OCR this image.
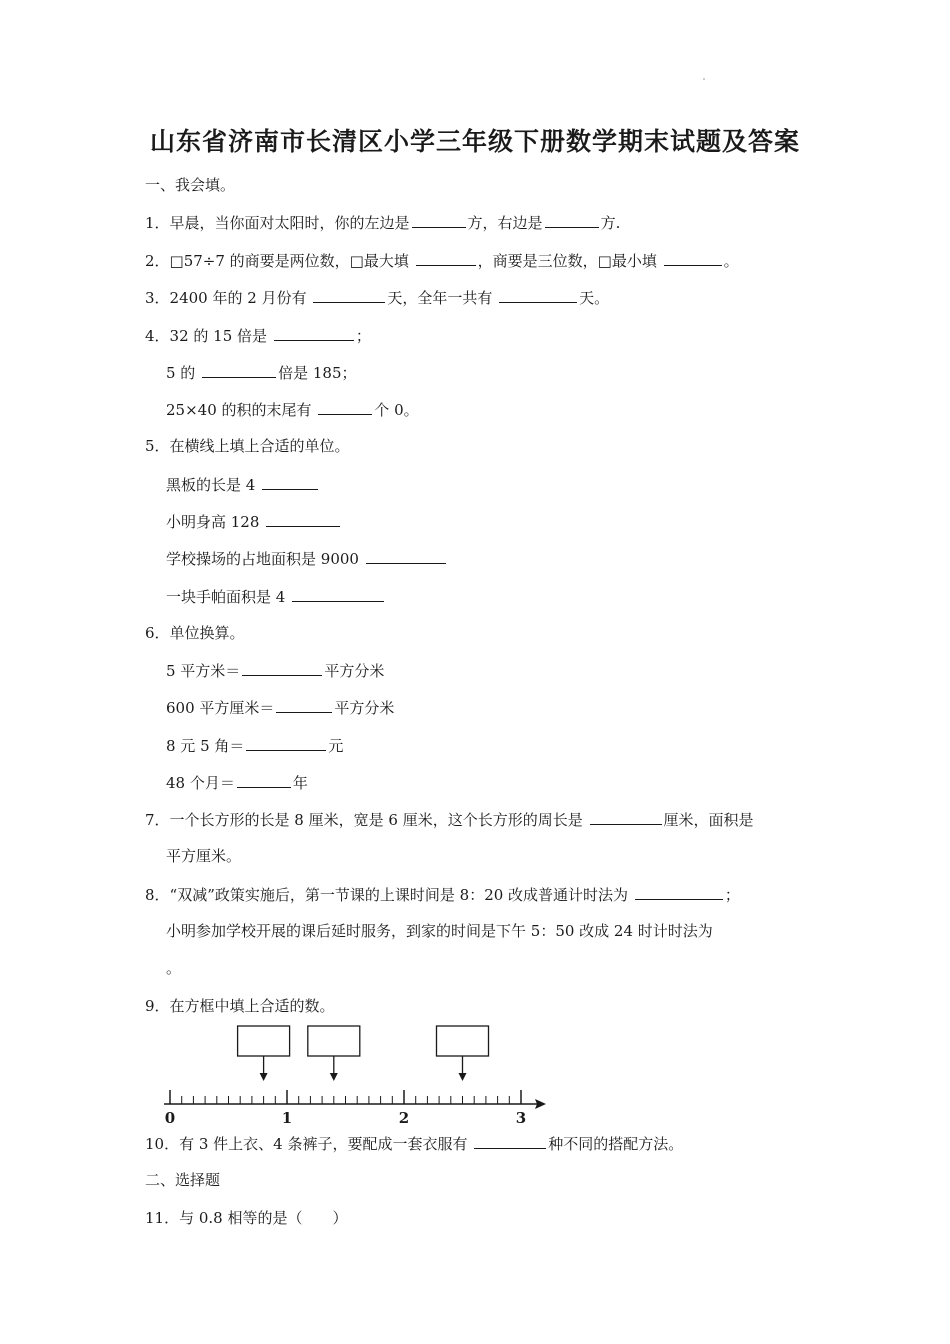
山东省济南市长清区小学三年级下册数学期末试题及答案
一、我会填。
1．早晨，当你面对太阳时，你的左边是	方，右边是	方.
2．□57÷7 的商要是两位数，□最大填	，商要是三位数，□最小填	。
3．2400 年的 2 月份有	天，全年一共有	天。
4．32 的 15 倍是	；
5 的	倍是 185；
25×40 的积的末尾有	个 0。
5．在横线上填上合适的单位。
黑板的长是 4
小明身高 128
学校操场的占地面积是 9000
一块手帕面积是 4
6．单位换算。
5 平方米＝	平方分米
600 平方厘米＝	平方分米
8 元 5 角＝	元
48 个月＝	年
7．一个长方形的长是 8 厘米，宽是 6 厘米，这个长方形的周长是	厘米，面积是
平方厘米。
8．“双减”政策实施后，第一节课的上课时间是 8：20 改成普通计时法为	；
小明参加学校开展的课后延时服务，到家的时间是下午 5：50 改成 24 时计时法为
。
9．在方框中填上合适的数。
0	1	2	3
10．有 3 件上衣、4 条裤子，要配成一套衣服有	种不同的搭配方法。
二、选择题
11．与 0.8 相等的是（　　）
